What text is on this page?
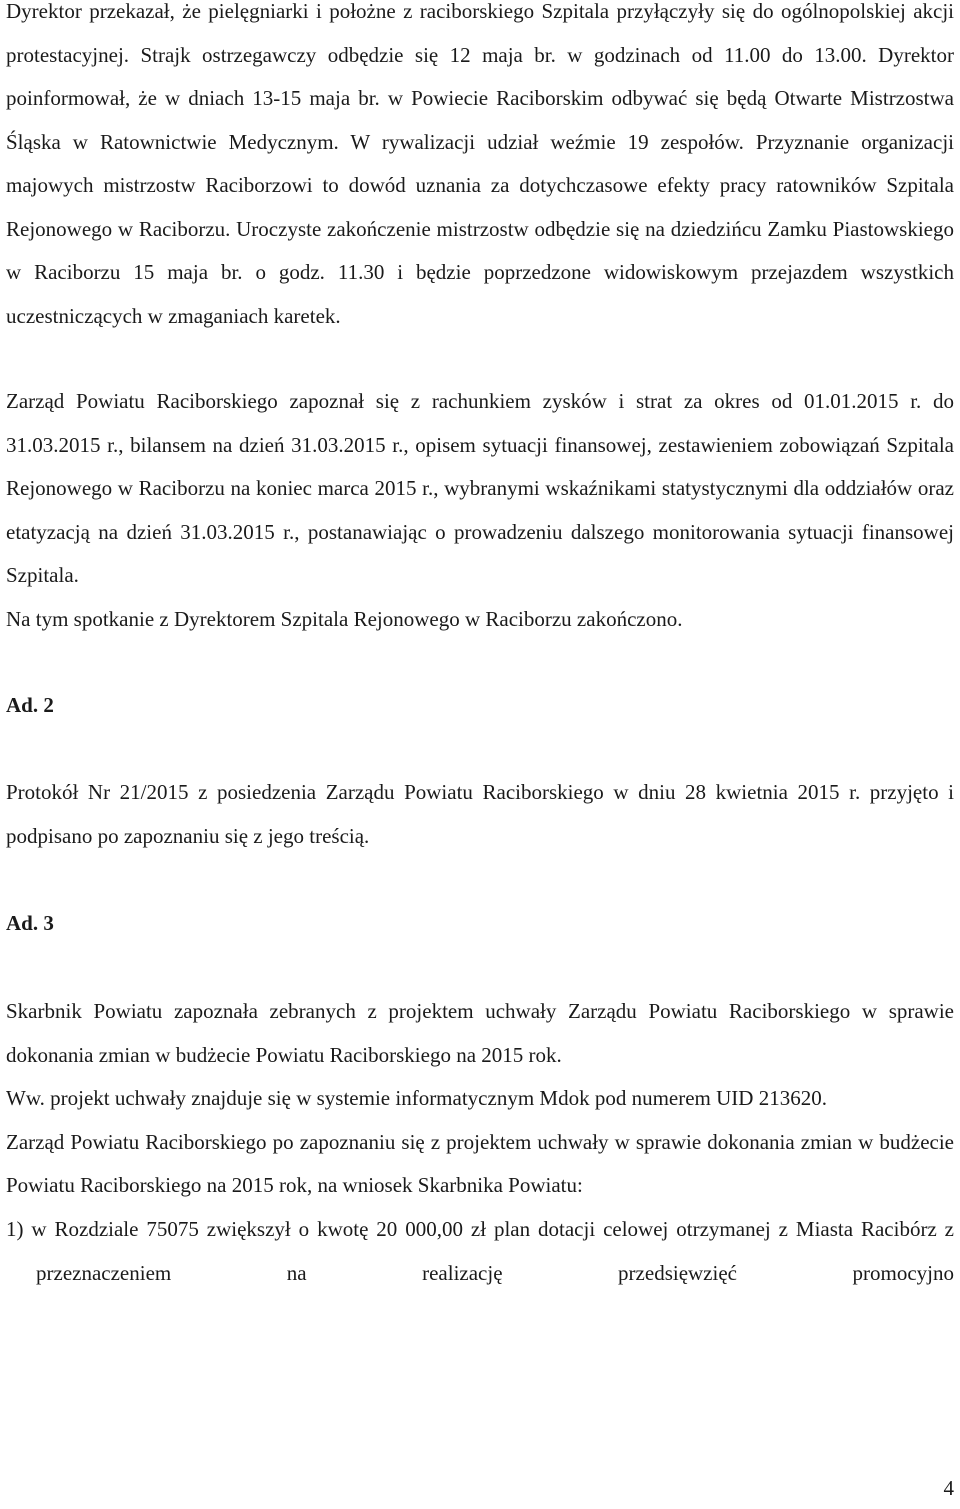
Dyrektor przekazał, że pielęgniarki i położne z raciborskiego Szpitala przyłączyły się do ogólnopolskiej akcji protestacyjnej. Strajk ostrzegawczy odbędzie się 12 maja br. w godzinach od 11.00 do 13.00. Dyrektor poinformował, że w dniach 13-15 maja br. w Powiecie Raciborskim odbywać się będą Otwarte Mistrzostwa Śląska w Ratownictwie Medycznym. W rywalizacji udział weźmie 19 zespołów. Przyznanie organizacji majowych mistrzostw Raciborzowi to dowód uznania za dotychczasowe efekty pracy ratowników Szpitala Rejonowego w Raciborzu. Uroczyste zakończenie mistrzostw odbędzie się na dziedzińcu Zamku Piastowskiego w Raciborzu 15 maja br. o godz. 11.30 i będzie poprzedzone widowiskowym przejazdem wszystkich uczestniczących w zmaganiach karetek.

Zarząd Powiatu Raciborskiego zapoznał się z rachunkiem zysków i strat za okres od 01.01.2015 r. do 31.03.2015 r., bilansem na dzień 31.03.2015 r., opisem sytuacji finansowej, zestawieniem zobowiązań Szpitala Rejonowego w Raciborzu na koniec marca 2015 r., wybranymi wskaźnikami statystycznymi dla oddziałów oraz etatyzacją na dzień 31.03.2015 r., postanawiając o prowadzeniu dalszego monitorowania sytuacji finansowej Szpitala.

Na tym spotkanie z Dyrektorem Szpitala Rejonowego w Raciborzu zakończono.

Ad. 2

Protokół Nr 21/2015 z posiedzenia Zarządu Powiatu Raciborskiego w dniu 28 kwietnia 2015 r. przyjęto i podpisano po zapoznaniu się z jego treścią.

Ad. 3

Skarbnik Powiatu zapoznała zebranych z projektem uchwały Zarządu Powiatu Raciborskiego w sprawie dokonania zmian w budżecie Powiatu Raciborskiego na 2015 rok.

Ww. projekt uchwały znajduje się w systemie informatycznym Mdok pod numerem UID 213620.

Zarząd Powiatu Raciborskiego po zapoznaniu się z projektem uchwały w sprawie dokonania zmian w budżecie Powiatu Raciborskiego na 2015 rok, na wniosek Skarbnika Powiatu:

1) w Rozdziale 75075 zwiększył o kwotę 20 000,00 zł plan dotacji celowej otrzymanej z Miasta Racibórz z przeznaczeniem na realizację przedsięwzięć promocyjno

4
